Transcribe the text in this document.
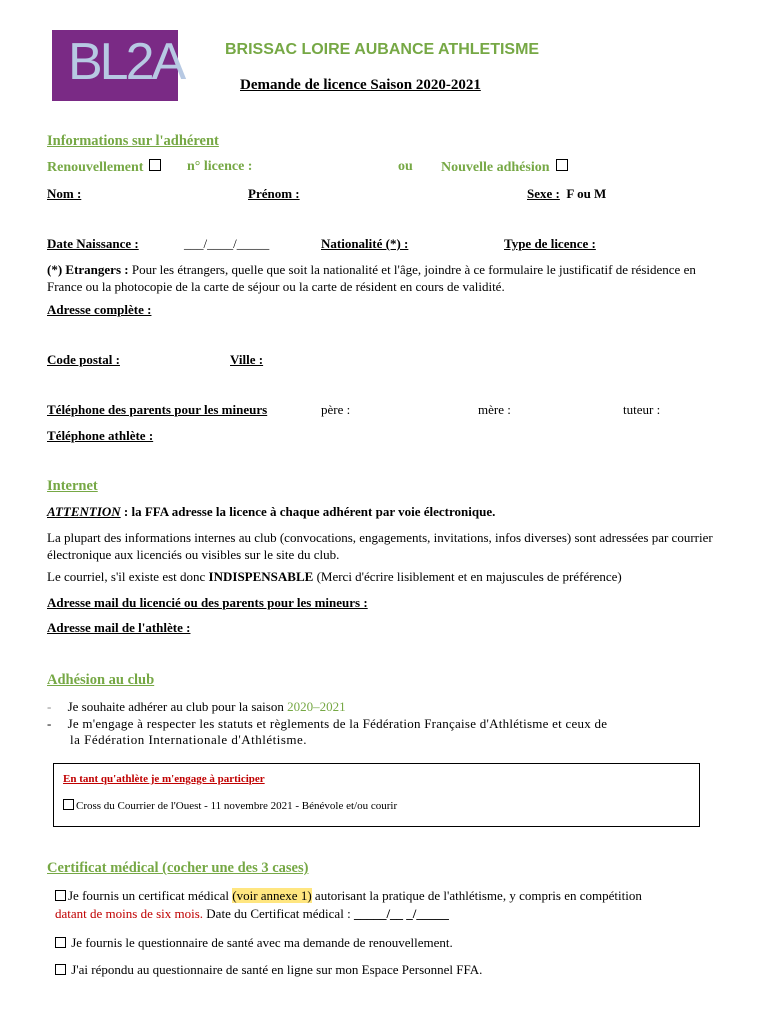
BL2A	BRISSAC LOIRE AUBANCE ATHLETISME
Demande de licence Saison 2020-2021
Informations sur l'adhérent
Renouvellement	n° licence :	ou Nouvelle adhésion
Nom :	Prénom :	Sexe : F ou M
Date Naissance :	___/____/_____	Nationalité (*) :	Type de licence :
(*) Etrangers : Pour les étrangers, quelle que soit la nationalité et l'âge, joindre à ce formulaire le justificatif de résidence en France ou la photocopie de la carte de séjour ou la carte de résident en cours de validité.
Adresse complète :
Code postal :	Ville :
Téléphone des parents pour les mineurs	père :	mère :	tuteur :
Téléphone athlète :
Internet
ATTENTION : la FFA adresse la licence à chaque adhérent par voie électronique.
La plupart des informations internes au club (convocations, engagements, invitations, infos diverses) sont adressées par courrier électronique aux licenciés ou visibles sur le site du club.
Le courriel, s'il existe est donc INDISPENSABLE (Merci d'écrire lisiblement et en majuscules de préférence)
Adresse mail du licencié ou des parents pour les mineurs :
Adresse mail de l'athlète :
Adhésion au club
- Je souhaite adhérer au club pour la saison 2020–2021
- Je m'engage à respecter les statuts et règlements de la Fédération Française d'Athlétisme et ceux de
la Fédération Internationale d'Athlétisme.
En tant qu'athlète je m'engage à participer
Cross du Courrier de l'Ouest - 11 novembre 2021 - Bénévole et/ou courir
Certificat médical (cocher une des 3 cases)
Je fournis un certificat médical (voir annexe 1) autorisant la pratique de l'athlétisme, y compris en compétition
datant de moins de six mois. Date du Certificat médical : _____/__ _/_____
Je fournis le questionnaire de santé avec ma demande de renouvellement.
J'ai répondu au questionnaire de santé en ligne sur mon Espace Personnel FFA.
